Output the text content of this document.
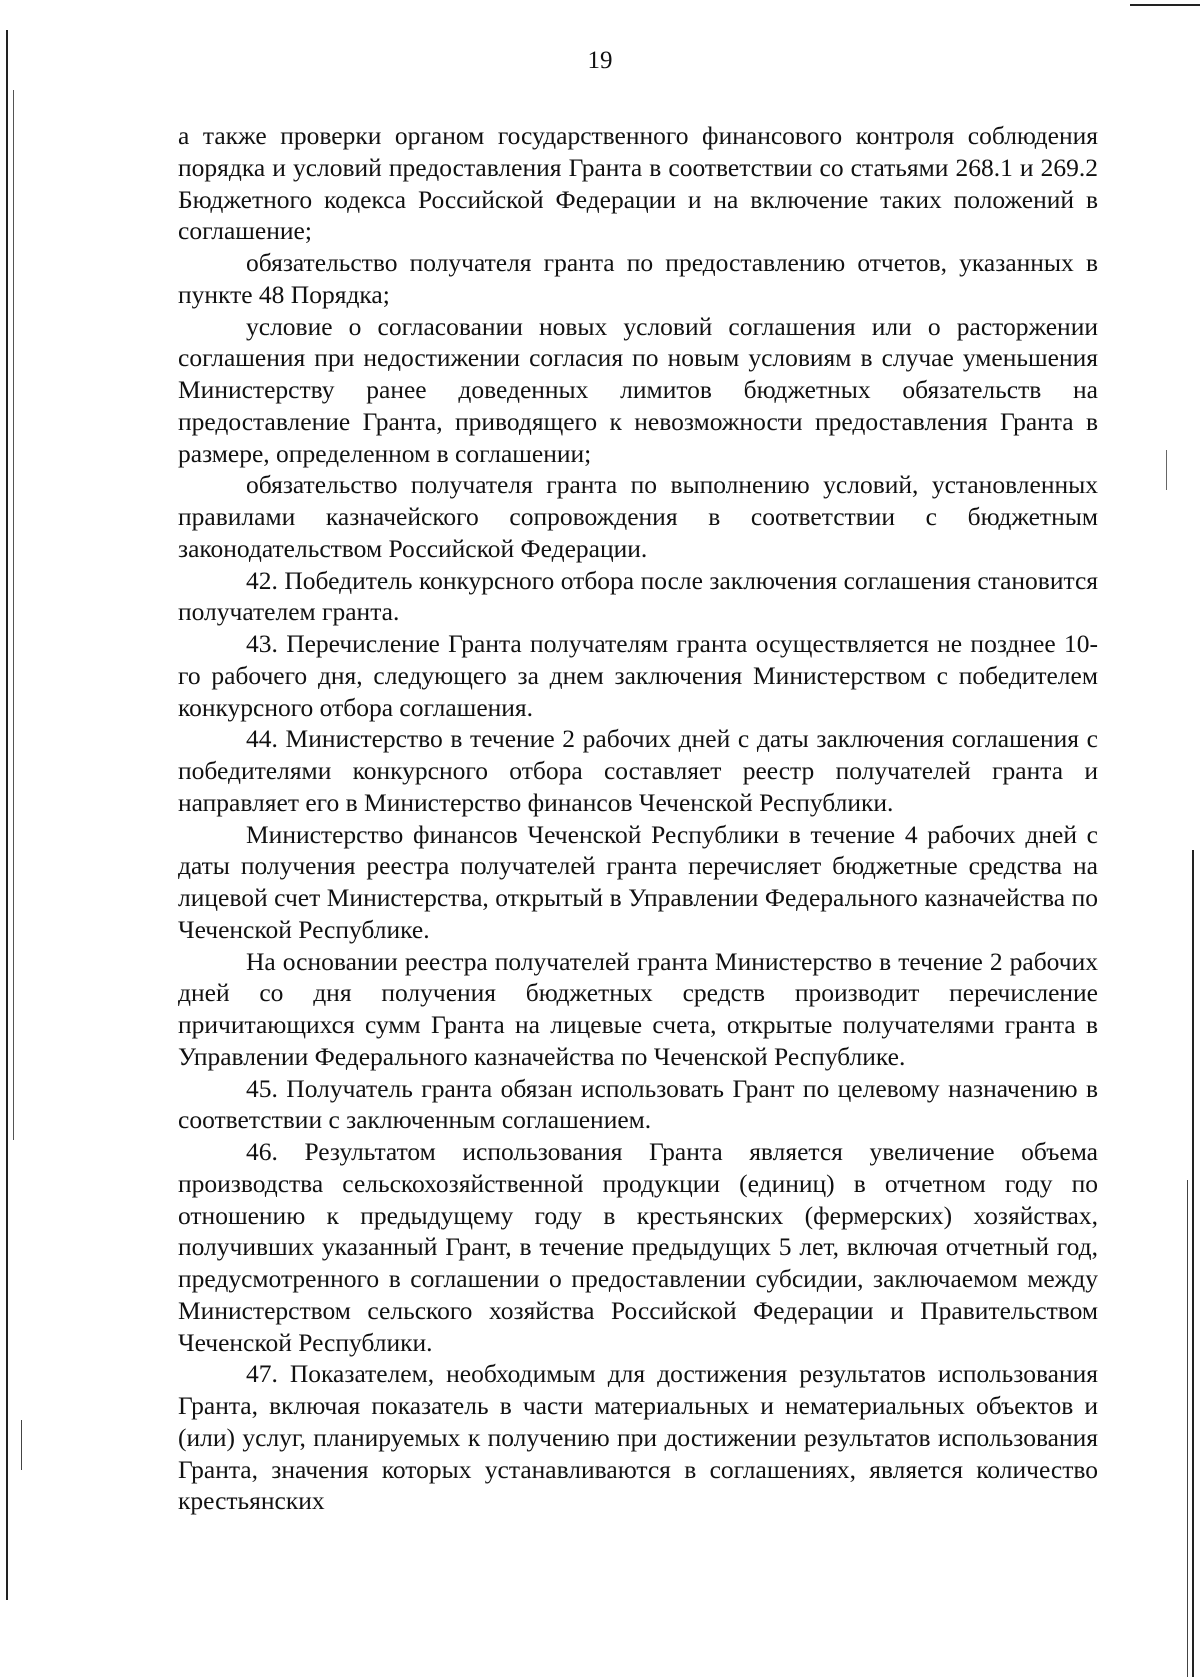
19

а также проверки органом государственного финансового контроля соблюдения порядка и условий предоставления Гранта в соответствии со статьями 268.1 и 269.2 Бюджетного кодекса Российской Федерации и на включение таких положений в соглашение;

обязательство получателя гранта по предоставлению отчетов, указанных в пункте 48 Порядка;

условие о согласовании новых условий соглашения или о расторжении соглашения при недостижении согласия по новым условиям в случае уменьшения Министерству ранее доведенных лимитов бюджетных обязательств на предоставление Гранта, приводящего к невозможности предоставления Гранта в размере, определенном в соглашении;

обязательство получателя гранта по выполнению условий, установленных правилами казначейского сопровождения в соответствии с бюджетным законодательством Российской Федерации.

42. Победитель конкурсного отбора после заключения соглашения становится получателем гранта.

43. Перечисление Гранта получателям гранта осуществляется не позднее 10-го рабочего дня, следующего за днем заключения Министерством с победителем конкурсного отбора соглашения.

44. Министерство в течение 2 рабочих дней с даты заключения соглашения с победителями конкурсного отбора составляет реестр получателей гранта и направляет его в Министерство финансов Чеченской Республики.

Министерство финансов Чеченской Республики в течение 4 рабочих дней с даты получения реестра получателей гранта перечисляет бюджетные средства на лицевой счет Министерства, открытый в Управлении Федерального казначейства по Чеченской Республике.

На основании реестра получателей гранта Министерство в течение 2 рабочих дней со дня получения бюджетных средств производит перечисление причитающихся сумм Гранта на лицевые счета, открытые получателями гранта в Управлении Федерального казначейства по Чеченской Республике.

45. Получатель гранта обязан использовать Грант по целевому назначению в соответствии с заключенным соглашением.

46. Результатом использования Гранта является увеличение объема производства сельскохозяйственной продукции (единиц) в отчетном году по отношению к предыдущему году в крестьянских (фермерских) хозяйствах, получивших указанный Грант, в течение предыдущих 5 лет, включая отчетный год, предусмотренного в соглашении о предоставлении субсидии, заключаемом между Министерством сельского хозяйства Российской Федерации и Правительством Чеченской Республики.

47. Показателем, необходимым для достижения результатов использования Гранта, включая показатель в части материальных и нематериальных объектов и (или) услуг, планируемых к получению при достижении результатов использования Гранта, значения которых устанавливаются в соглашениях, является количество крестьянских
